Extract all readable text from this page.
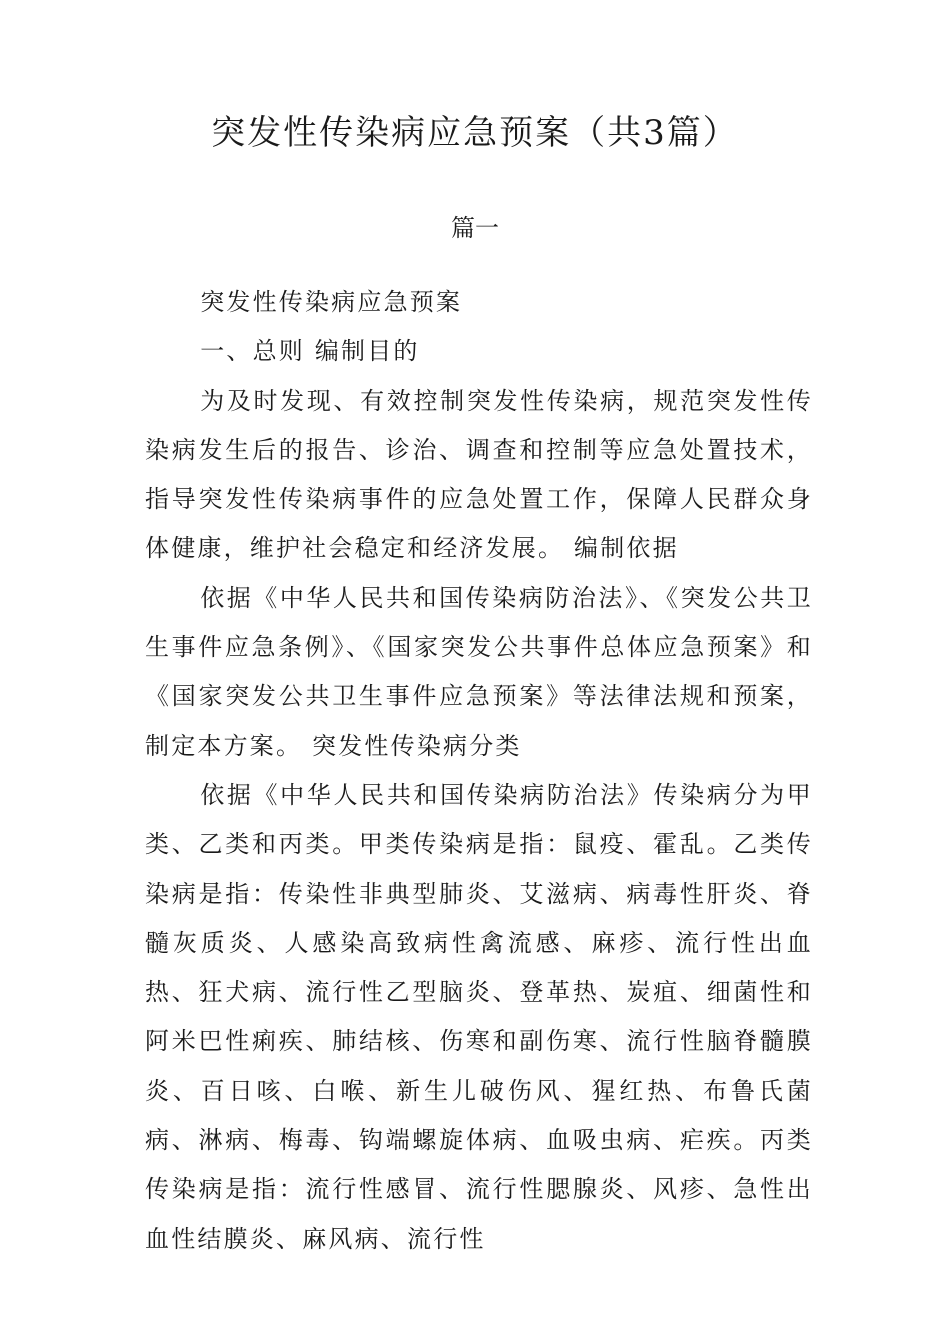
突发性传染病应急预案（共3篇）
篇一

突发性传染病应急预案

一、总则 编制目的

为及时发现、有效控制突发性传染病，规范突发性传染病发生后的报告、诊治、调查和控制等应急处置技术，指导突发性传染病事件的应急处置工作，保障人民群众身体健康，维护社会稳定和经济发展。 编制依据

依据《中华人民共和国传染病防治法》、《突发公共卫生事件应急条例》、《国家突发公共事件总体应急预案》和《国家突发公共卫生事件应急预案》等法律法规和预案，制定本方案。 突发性传染病分类

依据《中华人民共和国传染病防治法》传染病分为甲类、乙类和丙类。甲类传染病是指：鼠疫、霍乱。乙类传染病是指：传染性非典型肺炎、艾滋病、病毒性肝炎、脊髓灰质炎、人感染高致病性禽流感、麻疹、流行性出血热、狂犬病、流行性乙型脑炎、登革热、炭疽、细菌性和阿米巴性痢疾、肺结核、伤寒和副伤寒、流行性脑脊髓膜炎、百日咳、白喉、新生儿破伤风、猩红热、布鲁氏菌病、淋病、梅毒、钩端螺旋体病、血吸虫病、疟疾。丙类传染病是指：流行性感冒、流行性腮腺炎、风疹、急性出血性结膜炎、麻风病、流行性
